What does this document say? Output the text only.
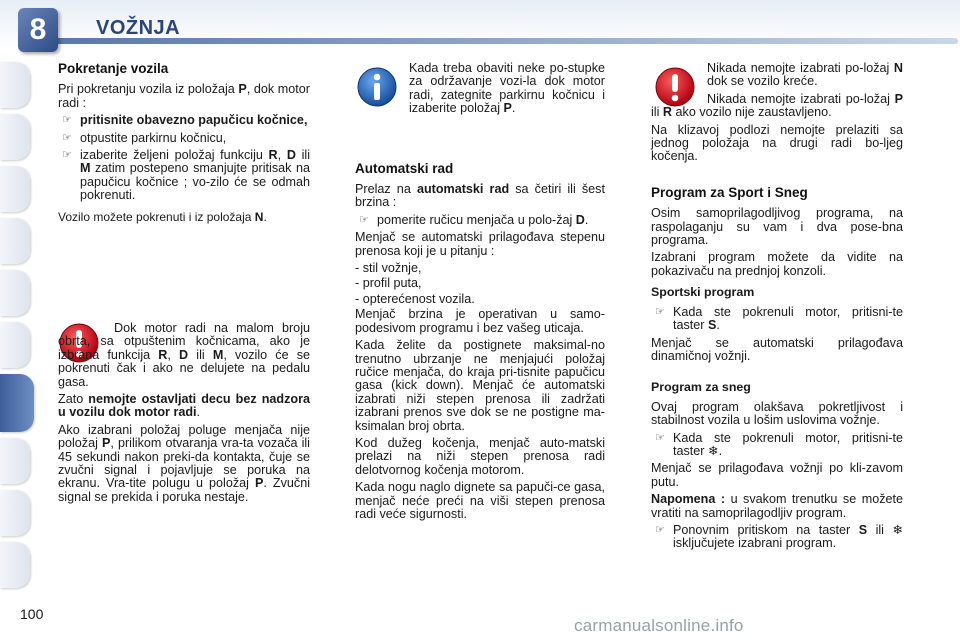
8	VOŽNJA
Pokretanje vozila

Pri pokretanju vozila iz položaja P, dok motor radi :

☞ pritisnite obavezno papučicu kočnice,
☞ otpustite parkirnu kočnicu,
☞ izaberite željeni položaj funkciju R, D ili M zatim postepeno smanjujte pritisak na papučicu kočnice ; vo-zilo će se odmah pokrenuti.

Vozilo možete pokrenuti i iz položaja N.

Dok motor radi na malom broju obrta, sa otpuštenim kočnicama, ako je izbrana funkcija R, D ili M, vozilo će se pokrenuti čak i ako ne delujete na pedalu gasa.

Zato nemojte ostavljati decu bez nadzora u vozilu dok motor radi.

Ako izabrani položaj poluge menjača nije položaj P, prilikom otvaranja vra-ta vozača ili 45 sekundi nakon preki-da kontakta, čuje se zvučni signal i pojavljuje se poruka na ekranu. Vra-tite polugu u položaj P. Zvučni signal se prekida i poruka nestaje.

Kada treba obaviti neke po-stupke za održavanje vozi-la dok motor radi, zategnite parkirnu kočnicu i izaberite položaj P.

Automatski rad

Prelaz na automatski rad sa četiri ili šest brzina :

☞ pomerite ručicu menjača u polo-žaj D.

Menjač se automatski prilagođava stepenu prenosa koji je u pitanju :

- stil vožnje,

- profil puta,

- opterećenost vozila.

Menjač brzina je operativan u samo-podesivom programu i bez vašeg uticaja.

Kada želite da postignete maksimal-no trenutno ubrzanje ne menjajući položaj ručice menjača, do kraja pri-tisnite papučicu gasa (kick down). Menjač će automatski izabrati niži stepen prenosa ili zadržati izabrani prenos sve dok se ne postigne ma-ksimalan broj obrta.

Kod dužeg kočenja, menjač auto-matski prelazi na niži stepen prenosa radi delotvornog kočenja motorom.

Kada nogu naglo dignete sa papuči-ce gasa, menjač neće preći na viši stepen prenosa radi veće sigurnosti.

Nikada nemojte izabrati po-ložaj N dok se vozilo kreće.

Nikada nemojte izabrati po-ložaj P ili R ako vozilo nije zaustavljeno.

Na klizavoj podlozi nemojte prelaziti sa jednog položaja na drugi radi bo-ljeg kočenja.

Program za Sport i Sneg

Osim samoprilagodljivog programa, na raspolaganju su vam i dva pose-bna programa.

Izabrani program možete da vidite na pokazivaču na prednjoj konzoli.

Sportski program
☞ Kada ste pokrenuli motor, pritisni-te taster S.

Menjač se automatski prilagođava dinamičnoj vožnji.

Program za sneg

Ovaj program olakšava pokretljivost i stabilnost vozila u lošim uslovima vožnje.

☞ Kada ste pokrenuli motor, pritisni-te taster ❄.

Menjač se prilagođava vožnji po kli-zavom putu.

Napomena : u svakom trenutku se možete vratiti na samoprilagodljiv program.

☞ Ponovnim pritiskom na taster S ili ❄ isključujete izabrani program.
100
carmanualsonline.info
